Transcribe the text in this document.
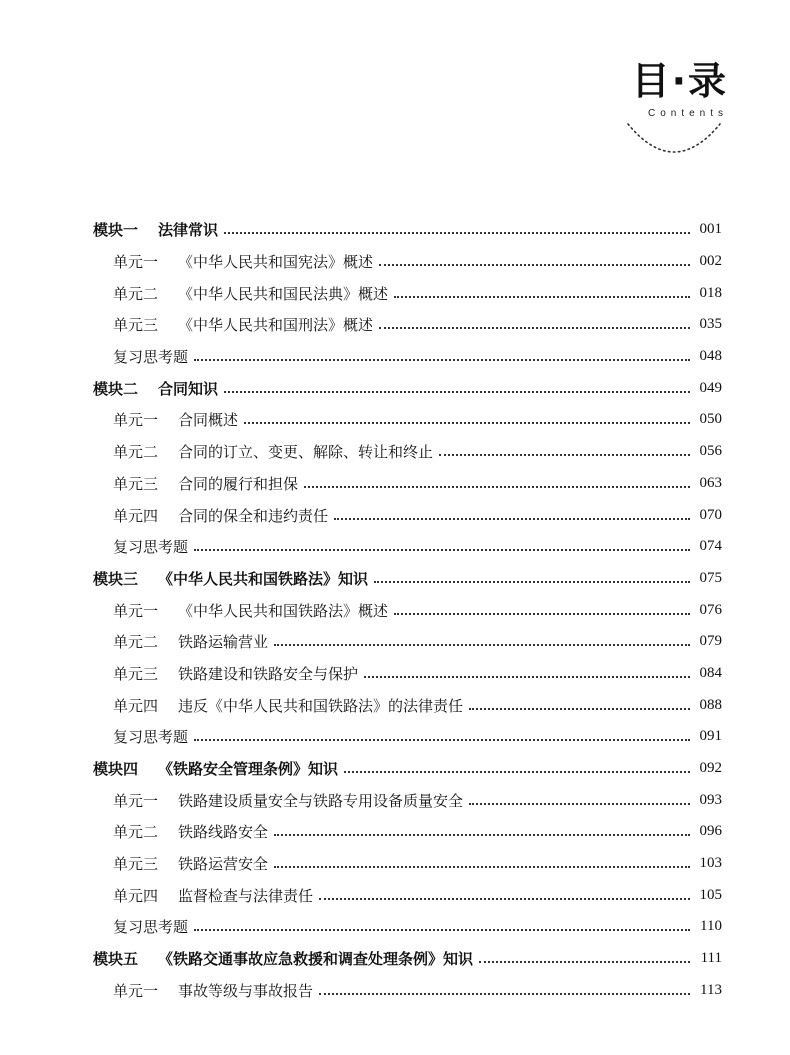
目·录
Contents
模块一 法律常识	001
单元一 《中华人民共和国宪法》概述	002
单元二 《中华人民共和国民法典》概述	018
单元三 《中华人民共和国刑法》概述	035
复习思考题	048
模块二 合同知识	049
单元一 合同概述	050
单元二 合同的订立、变更、解除、转让和终止	056
单元三 合同的履行和担保	063
单元四 合同的保全和违约责任	070
复习思考题	074
模块三 《中华人民共和国铁路法》知识	075
单元一 《中华人民共和国铁路法》概述	076
单元二 铁路运输营业	079
单元三 铁路建设和铁路安全与保护	084
单元四 违反《中华人民共和国铁路法》的法律责任	088
复习思考题	091
模块四 《铁路安全管理条例》知识	092
单元一 铁路建设质量安全与铁路专用设备质量安全	093
单元二 铁路线路安全	096
单元三 铁路运营安全	103
单元四 监督检查与法律责任	105
复习思考题	110
模块五 《铁路交通事故应急救援和调查处理条例》知识	111
单元一 事故等级与事故报告	113
